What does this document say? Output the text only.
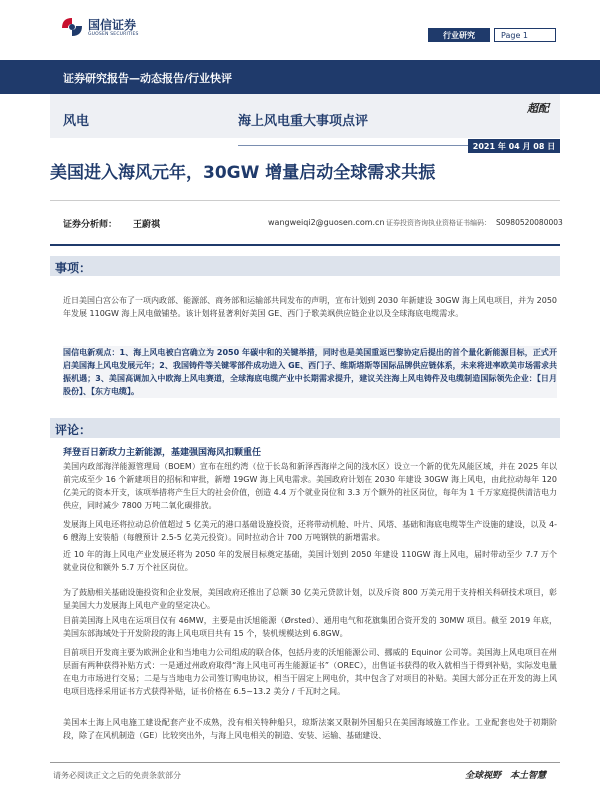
国信证券
GUOSEN SECURITIES	行业研究	Page 1
证券研究报告—动态报告/行业快评
风电	海上风电重大事项点评
超配
2021 年 04 月 08 日
美国进入海风元年，30GW 增量启动全球需求共振
证券分析师： 王蔚祺	wangweiqi2@guosen.com.cn 证券投资咨询执业资格证书编码： S0980520080003
事项：
近日美国白宫公布了一项内政部、能源部、商务部和运输部共同发布的声明，宣布计划到 2030 年新建设 30GW 海上风电项目，并为 2050 年发展 110GW 海上风电做铺垫。该计划将显著利好美国 GE、西门子歌美飒供应链企业以及全球海底电缆需求。
国信电新观点：1、海上风电被白宫确立为 2050 年碳中和的关键举措，同时也是美国重返巴黎协定后提出的首个量化新能源目标，正式开启美国海上风电发展元年；2、我国铸件等关键零部件成功进入 GE、西门子、维斯塔斯等国际品牌供应链体系，未来将进率欧美市场需求共振机遇；3、美国高调加入中欧海上风电赛道，全球海底电缆产业中长期需求提升，建议关注海上风电铸件及电缆制造国际领先企业：【日月股份】、【东方电缆】。
评论：
拜登百日新政力主新能源，基建强国海风扣颗重任
美国内政部海洋能源管理局（BOEM）宣布在纽约湾（位于长岛和新泽西海岸之间的浅水区）设立一个新的优先风能区域，并在 2025 年以前完成至少 16 个新建项目的招标和审批，新增 19GW 海上风电需求。美国政府计划在 2030 年建设 30GW 海上风电，由此拉动每年 120 亿美元的资本开支，该项举措将产生巨大的社会价值，创造 4.4 万个就业岗位和 3.3 万个额外的社区岗位，每年为 1 千万家庭提供清洁电力供应，同时减少 7800 万吨二氧化碳排放。
发展海上风电还将拉动总价值超过 5 亿美元的港口基础设施投资，还将带动机舱、叶片、风塔、基础和海底电缆等生产设施的建设，以及 4-6 艘海上安装船（每艘预计 2.5-5 亿美元投资）。同时拉动合计 700 万吨钢铁的新增需求。
近 10 年的海上风电产业发展还将为 2050 年的发展目标奠定基础，美国计划到 2050 年建设 110GW 海上风电，届时带动至少 7.7 万个就业岗位和额外 5.7 万个社区岗位。
为了鼓励相关基础设施投资和企业发展，美国政府还推出了总额 30 亿美元贷款计划，以及斥资 800 万美元用于支持相关科研技术项目，彰显美国大力发展海上风电产业的坚定决心。
目前美国海上风电在运项目仅有 46MW，主要是由沃旭能源（Ørsted）、通用电气和花旗集团合资开发的 30MW 项目。截至 2019 年底，美国东部海域处于开发阶段的海上风电项目共有 15 个，装机规模达到 6.8GW。
目前项目开发商主要为欧洲企业和当地电力公司组成的联合体，包括丹麦的沃旭能源公司、挪威的 Equinor 公司等。美国海上风电项目在州层面有两种获得补贴方式：一是通过州政府取得“海上风电可再生能源证书”（OREC），出售证书获得的收入就相当于得到补贴，实际发电量在电力市场进行交易；二是与当地电力公司签订购电协议，相当于固定上网电价，其中包含了对项目的补贴。美国大部分正在开发的海上风电项目选择采用证书方式获得补贴，证书价格在 6.5~13.2 美分 / 千瓦时之间。
美国本土海上风电施工建设配套产业不成熟，没有相关特种船只，琼斯法案又限制外国船只在美国海域施工作业。工业配套也处于初期阶段，除了在风机制造（GE）比较突出外，与海上风电相关的制造、安装、运输、基础建设、
请务必阅读正文之后的免责条款部分	全球视野　本土智慧
